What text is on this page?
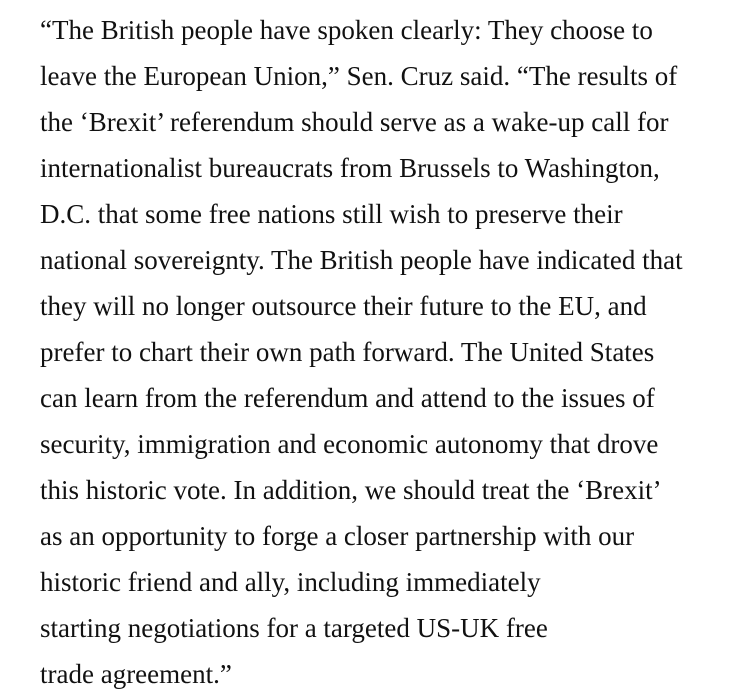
“The British people have spoken clearly: They choose to
leave the European Union,” Sen. Cruz said. “The results of
the ‘Brexit’ referendum should serve as a wake-up call for
internationalist bureaucrats from Brussels to Washington,
D.C. that some free nations still wish to preserve their
national sovereignty. The British people have indicated that
they will no longer outsource their future to the EU, and
prefer to chart their own path forward. The United States
can learn from the referendum and attend to the issues of
security, immigration and economic autonomy that drove
this historic vote. In addition, we should treat the ‘Brexit’
as an opportunity to forge a closer partnership with our
historic friend and ally, including immediately
starting negotiations for a targeted US-UK free
trade agreement.”
